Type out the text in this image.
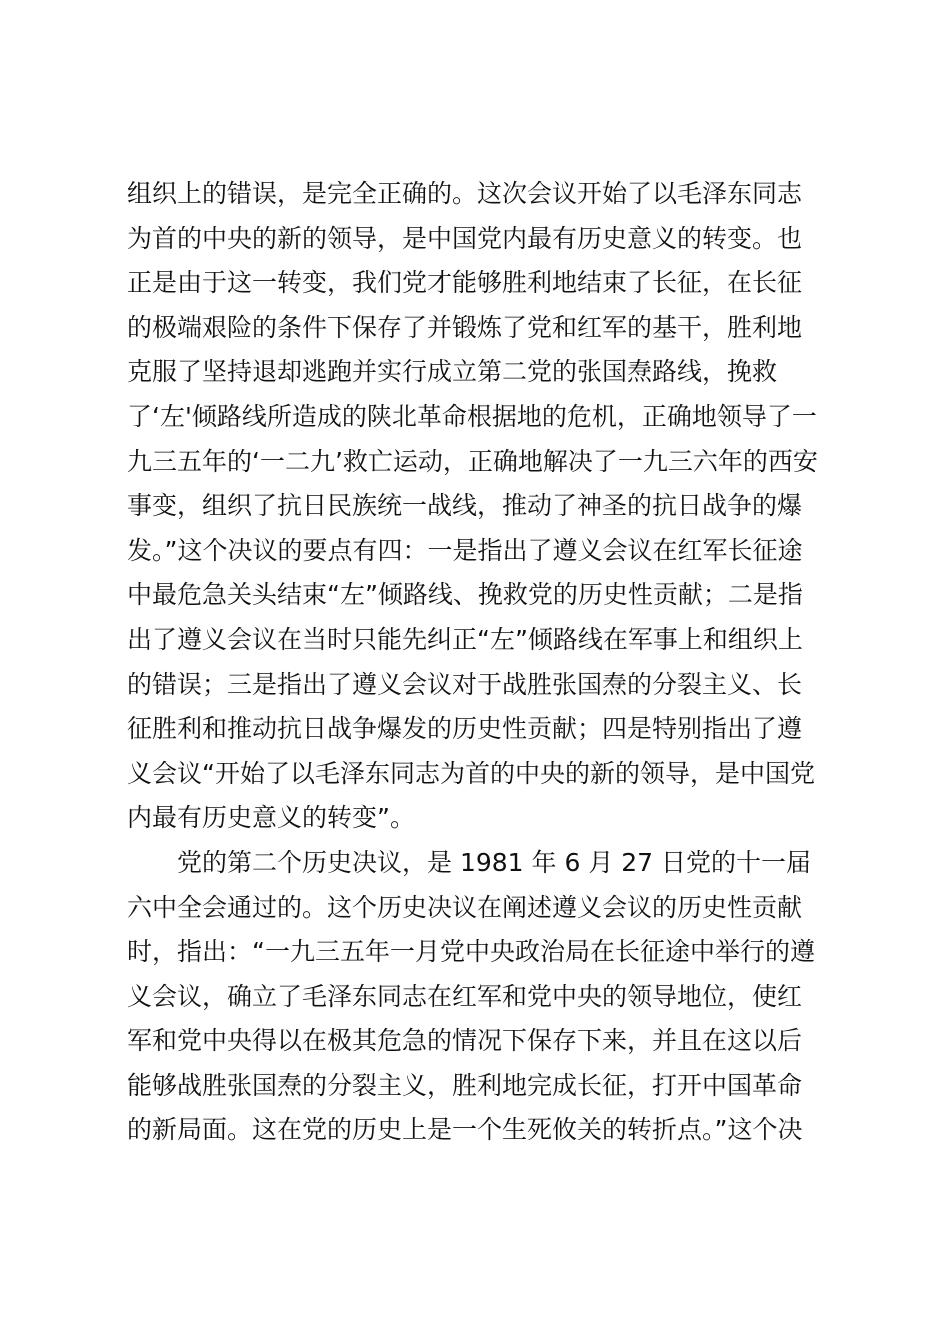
组织上的错误，是完全正确的。这次会议开始了以毛泽东同志
为首的中央的新的领导，是中国党内最有历史意义的转变。也
正是由于这一转变，我们党才能够胜利地结束了长征，在长征
的极端艰险的条件下保存了并锻炼了党和红军的基干，胜利地
克服了坚持退却逃跑并实行成立第二党的张国焘路线，挽救
了‘左'倾路线所造成的陕北革命根据地的危机，正确地领导了一
九三五年的‘一二九’救亡运动，正确地解决了一九三六年的西安
事变，组织了抗日民族统一战线，推动了神圣的抗日战争的爆
发。”这个决议的要点有四：一是指出了遵义会议在红军长征途
中最危急关头结束“左”倾路线、挽救党的历史性贡献；二是指
出了遵义会议在当时只能先纠正“左”倾路线在军事上和组织上
的错误；三是指出了遵义会议对于战胜张国焘的分裂主义、长
征胜利和推动抗日战争爆发的历史性贡献；四是特别指出了遵
义会议“开始了以毛泽东同志为首的中央的新的领导，是中国党
内最有历史意义的转变”。
党的第二个历史决议，是 1981 年 6 月 27 日党的十一届
六中全会通过的。这个历史决议在阐述遵义会议的历史性贡献
时，指出：“一九三五年一月党中央政治局在长征途中举行的遵
义会议，确立了毛泽东同志在红军和党中央的领导地位，使红
军和党中央得以在极其危急的情况下保存下来，并且在这以后
能够战胜张国焘的分裂主义，胜利地完成长征，打开中国革命
的新局面。这在党的历史上是一个生死攸关的转折点。”这个决
